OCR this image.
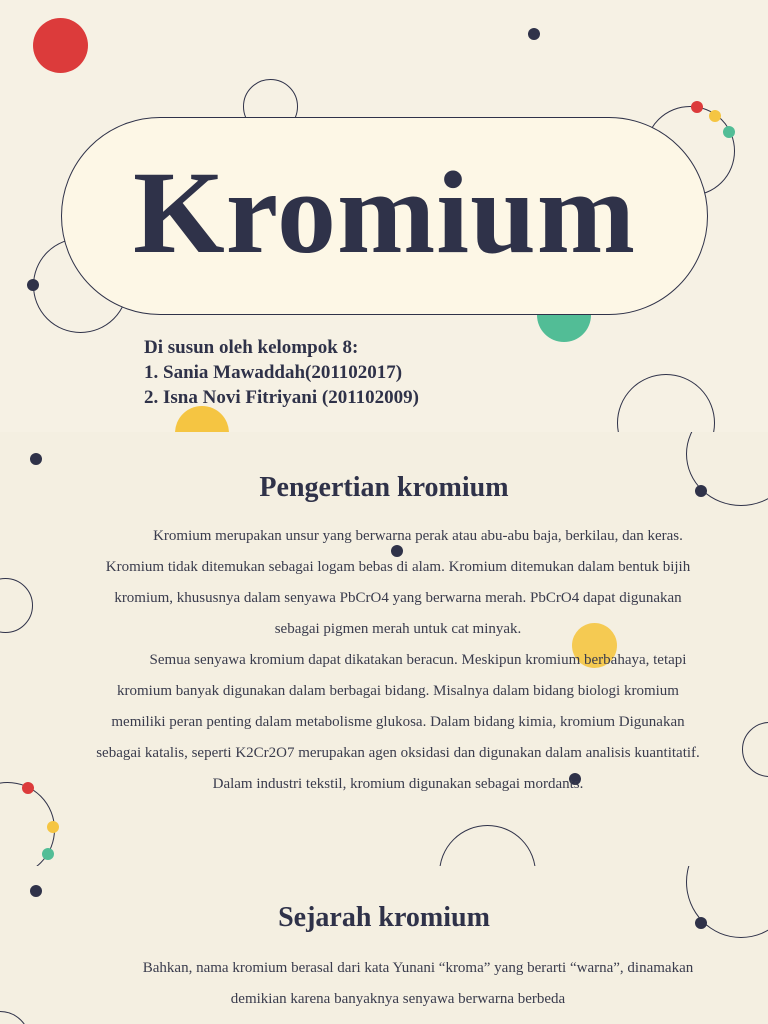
Kromium
Di susun oleh kelompok 8:
1. Sania Mawaddah(201102017)
2. Isna Novi Fitriyani (201102009)
Pengertian kromium

Kromium merupakan unsur yang berwarna perak atau abu-abu baja, berkilau, dan keras. Kromium tidak ditemukan sebagai logam bebas di alam. Kromium ditemukan dalam bentuk bijih kromium, khususnya dalam senyawa PbCrO4 yang berwarna merah. PbCrO4 dapat digunakan sebagai pigmen merah untuk cat minyak.

Semua senyawa kromium dapat dikatakan beracun. Meskipun kromium berbahaya, tetapi kromium banyak digunakan dalam berbagai bidang. Misalnya dalam bidang biologi kromium memiliki peran penting dalam metabolisme glukosa. Dalam bidang kimia, kromium Digunakan sebagai katalis, seperti K2Cr2O7 merupakan agen oksidasi dan digunakan dalam analisis kuantitatif. Dalam industri tekstil, kromium digunakan sebagai mordants.

Sejarah kromium

Bahkan, nama kromium berasal dari kata Yunani “kroma” yang berarti “warna”, dinamakan demikian karena banyaknya senyawa berwarna berbeda
